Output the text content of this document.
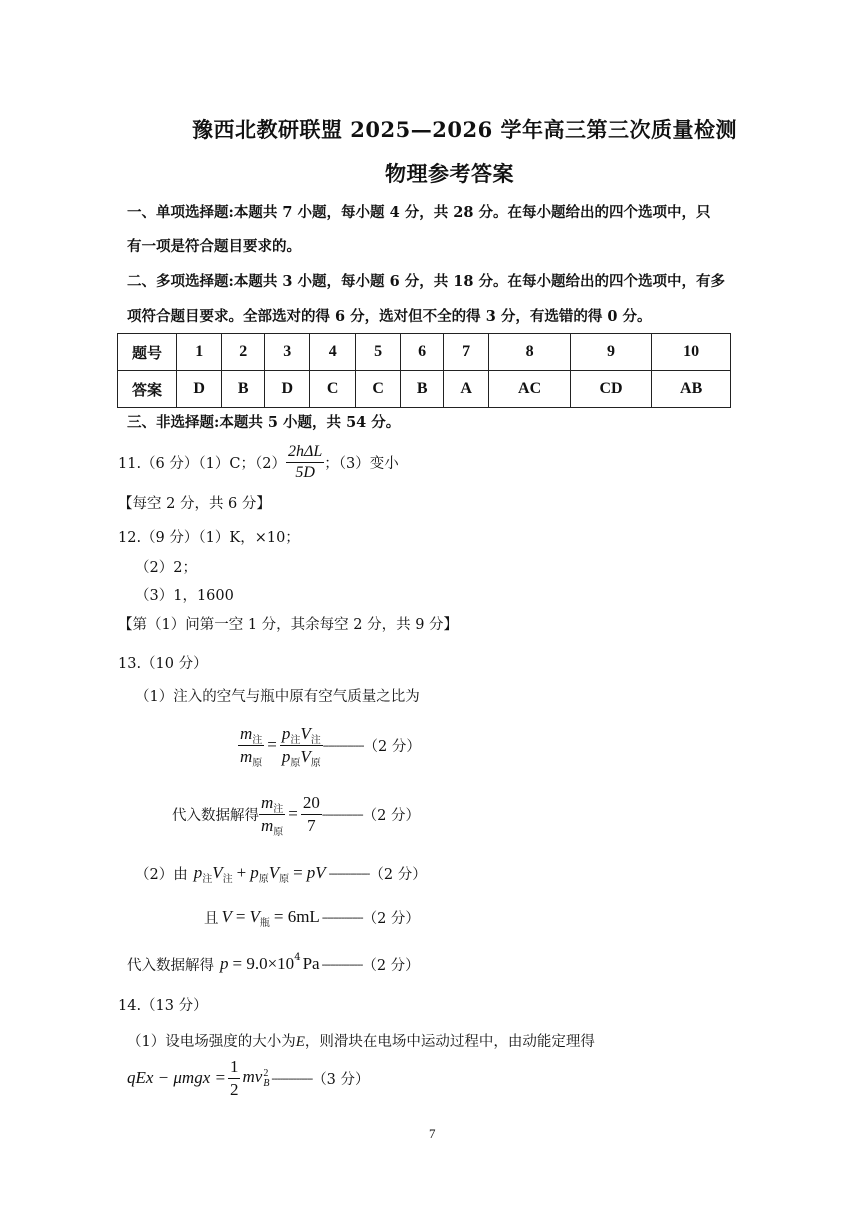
豫西北教研联盟 2025—2026 学年高三第三次质量检测
物理参考答案
一、单项选择题:本题共 7 小题，每小题 4 分，共 28 分。在每小题给出的四个选项中，只
有一项是符合题目要求的。
二、多项选择题:本题共 3 小题，每小题 6 分，共 18 分。在每小题给出的四个选项中，有多
项符合题目要求。全部选对的得 6 分，选对但不全的得 3 分，有选错的得 0 分。
题号	1	2	3	4	5	6	7	8	9	10
答案	D	B	D	C	C	B	A	AC	CD	AB
三、非选择题:本题共 5 小题，共 54 分。
11.（6 分）（1）C；$(2) \frac{\text{2hΔL}}{5D}$ ；（3）变小
【每空 2 分，共 6 分】
12.（9 分）（1）K，×10；
（2）2；
（3）1，1600
【第（1）问第一空 1 分，其余每空 2 分，共 9 分】
13.（10 分）
（1）注入的空气与瓶中原有空气质量之比为
$\frac{m_注}{m_原} = \frac{p_注V_注}{p_原V_原}$ --------------- （2 分）
代入数据解得 $\frac{m_注}{m_原} = \frac{20}{7}$ --------------- （2 分）
（2）由 $p_注V_注 + p_原V_原$ = pV --------------- （2 分）
且 $V = V_瓶 = 6mL$ --------------- （2 分）
代入数据解得 p = 9.0×10 4 Pa --------------- （2 分）
14.（13 分）
（1）设电场强度的大小为E，则滑块在电场中运动过程中，由动能定理得
qEx − $\mu mgx = \frac{1}{2}$ mv 2
B --------------- （3 分）
7
